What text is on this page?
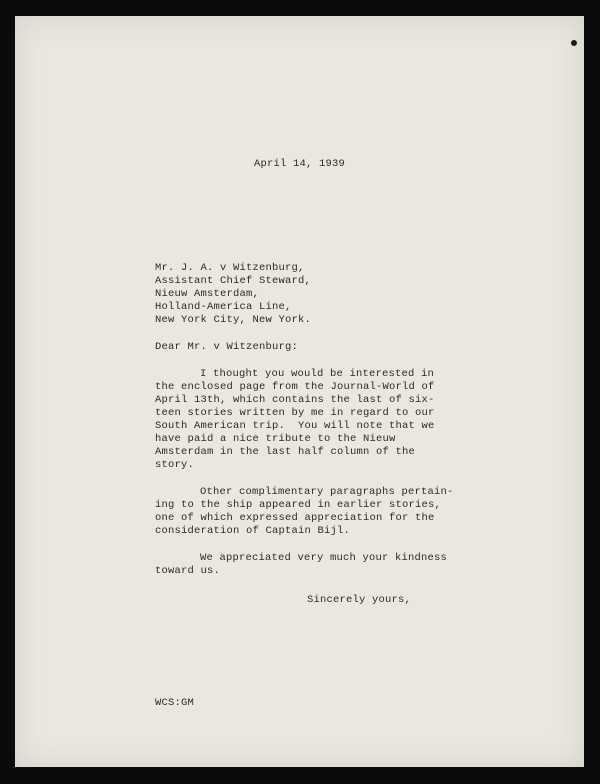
April 14, 1939
Mr. J. A. v Witzenburg,
Assistant Chief Steward,
Nieuw Amsterdam,
Holland-America Line,
New York City, New York.
Dear Mr. v Witzenburg:
I thought you would be interested in
the enclosed page from the Journal-World of
April 13th, which contains the last of six-
teen stories written by me in regard to our
South American trip.  You will note that we
have paid a nice tribute to the Nieuw
Amsterdam in the last half column of the
story.
Other complimentary paragraphs pertain-
ing to the ship appeared in earlier stories,
one of which expressed appreciation for the
consideration of Captain Bijl.
We appreciated very much your kindness
toward us.
Sincerely yours,
WCS:GM
